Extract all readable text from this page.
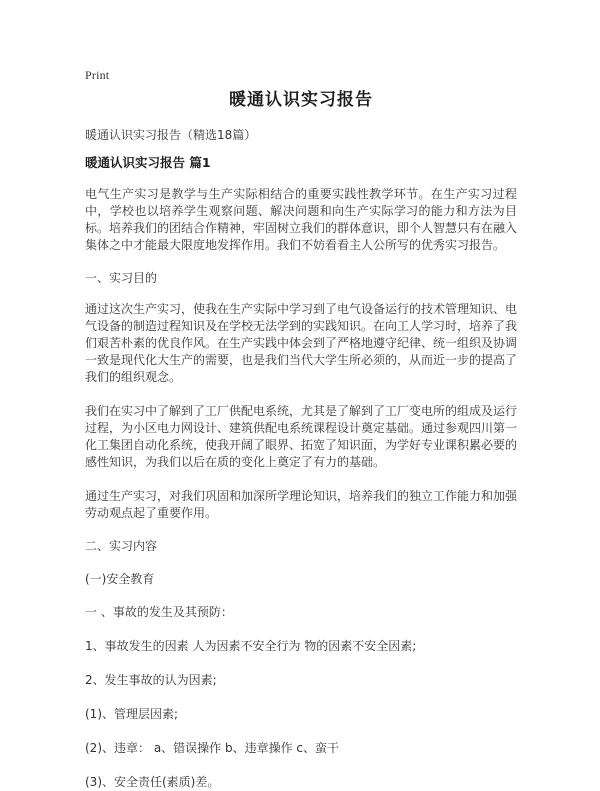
Print
暖通认识实习报告

暖通认识实习报告（精选18篇）

暖通认识实习报告 篇1

电气生产实习是教学与生产实际相结合的重要实践性教学环节。在生产实习过程中，学校也以培养学生观察问题、解决问题和向生产实际学习的能力和方法为目标。培养我们的团结合作精神，牢固树立我们的群体意识，即个人智慧只有在融入集体之中才能最大限度地发挥作用。我们不妨看看主人公所写的优秀实习报告。

一、实习目的

通过这次生产实习，使我在生产实际中学习到了电气设备运行的技术管理知识、电气设备的制造过程知识及在学校无法学到的实践知识。在向工人学习时，培养了我们艰苦朴素的优良作风。在生产实践中体会到了严格地遵守纪律、统一组织及协调一致是现代化大生产的需要，也是我们当代大学生所必须的，从而近一步的提高了我们的组织观念。

我们在实习中了解到了工厂供配电系统，尤其是了解到了工厂变电所的组成及运行过程，为小区电力网设计、建筑供配电系统课程设计奠定基础。通过参观四川第一化工集团自动化系统，使我开阔了眼界、拓宽了知识面，为学好专业课积累必要的感性知识，为我们以后在质的变化上奠定了有力的基础。

通过生产实习，对我们巩固和加深所学理论知识，培养我们的独立工作能力和加强劳动观点起了重要作用。

二、实习内容

(一)安全教育

一 、事故的发生及其预防：

1、事故发生的因素 人为因素不安全行为 物的因素不安全因素;
2、发生事故的认为因素;
(1)、管理层因素;
(2)、违章： a、错误操作 b、违章操作 c、蛮干
(3)、安全责任(素质)差。
